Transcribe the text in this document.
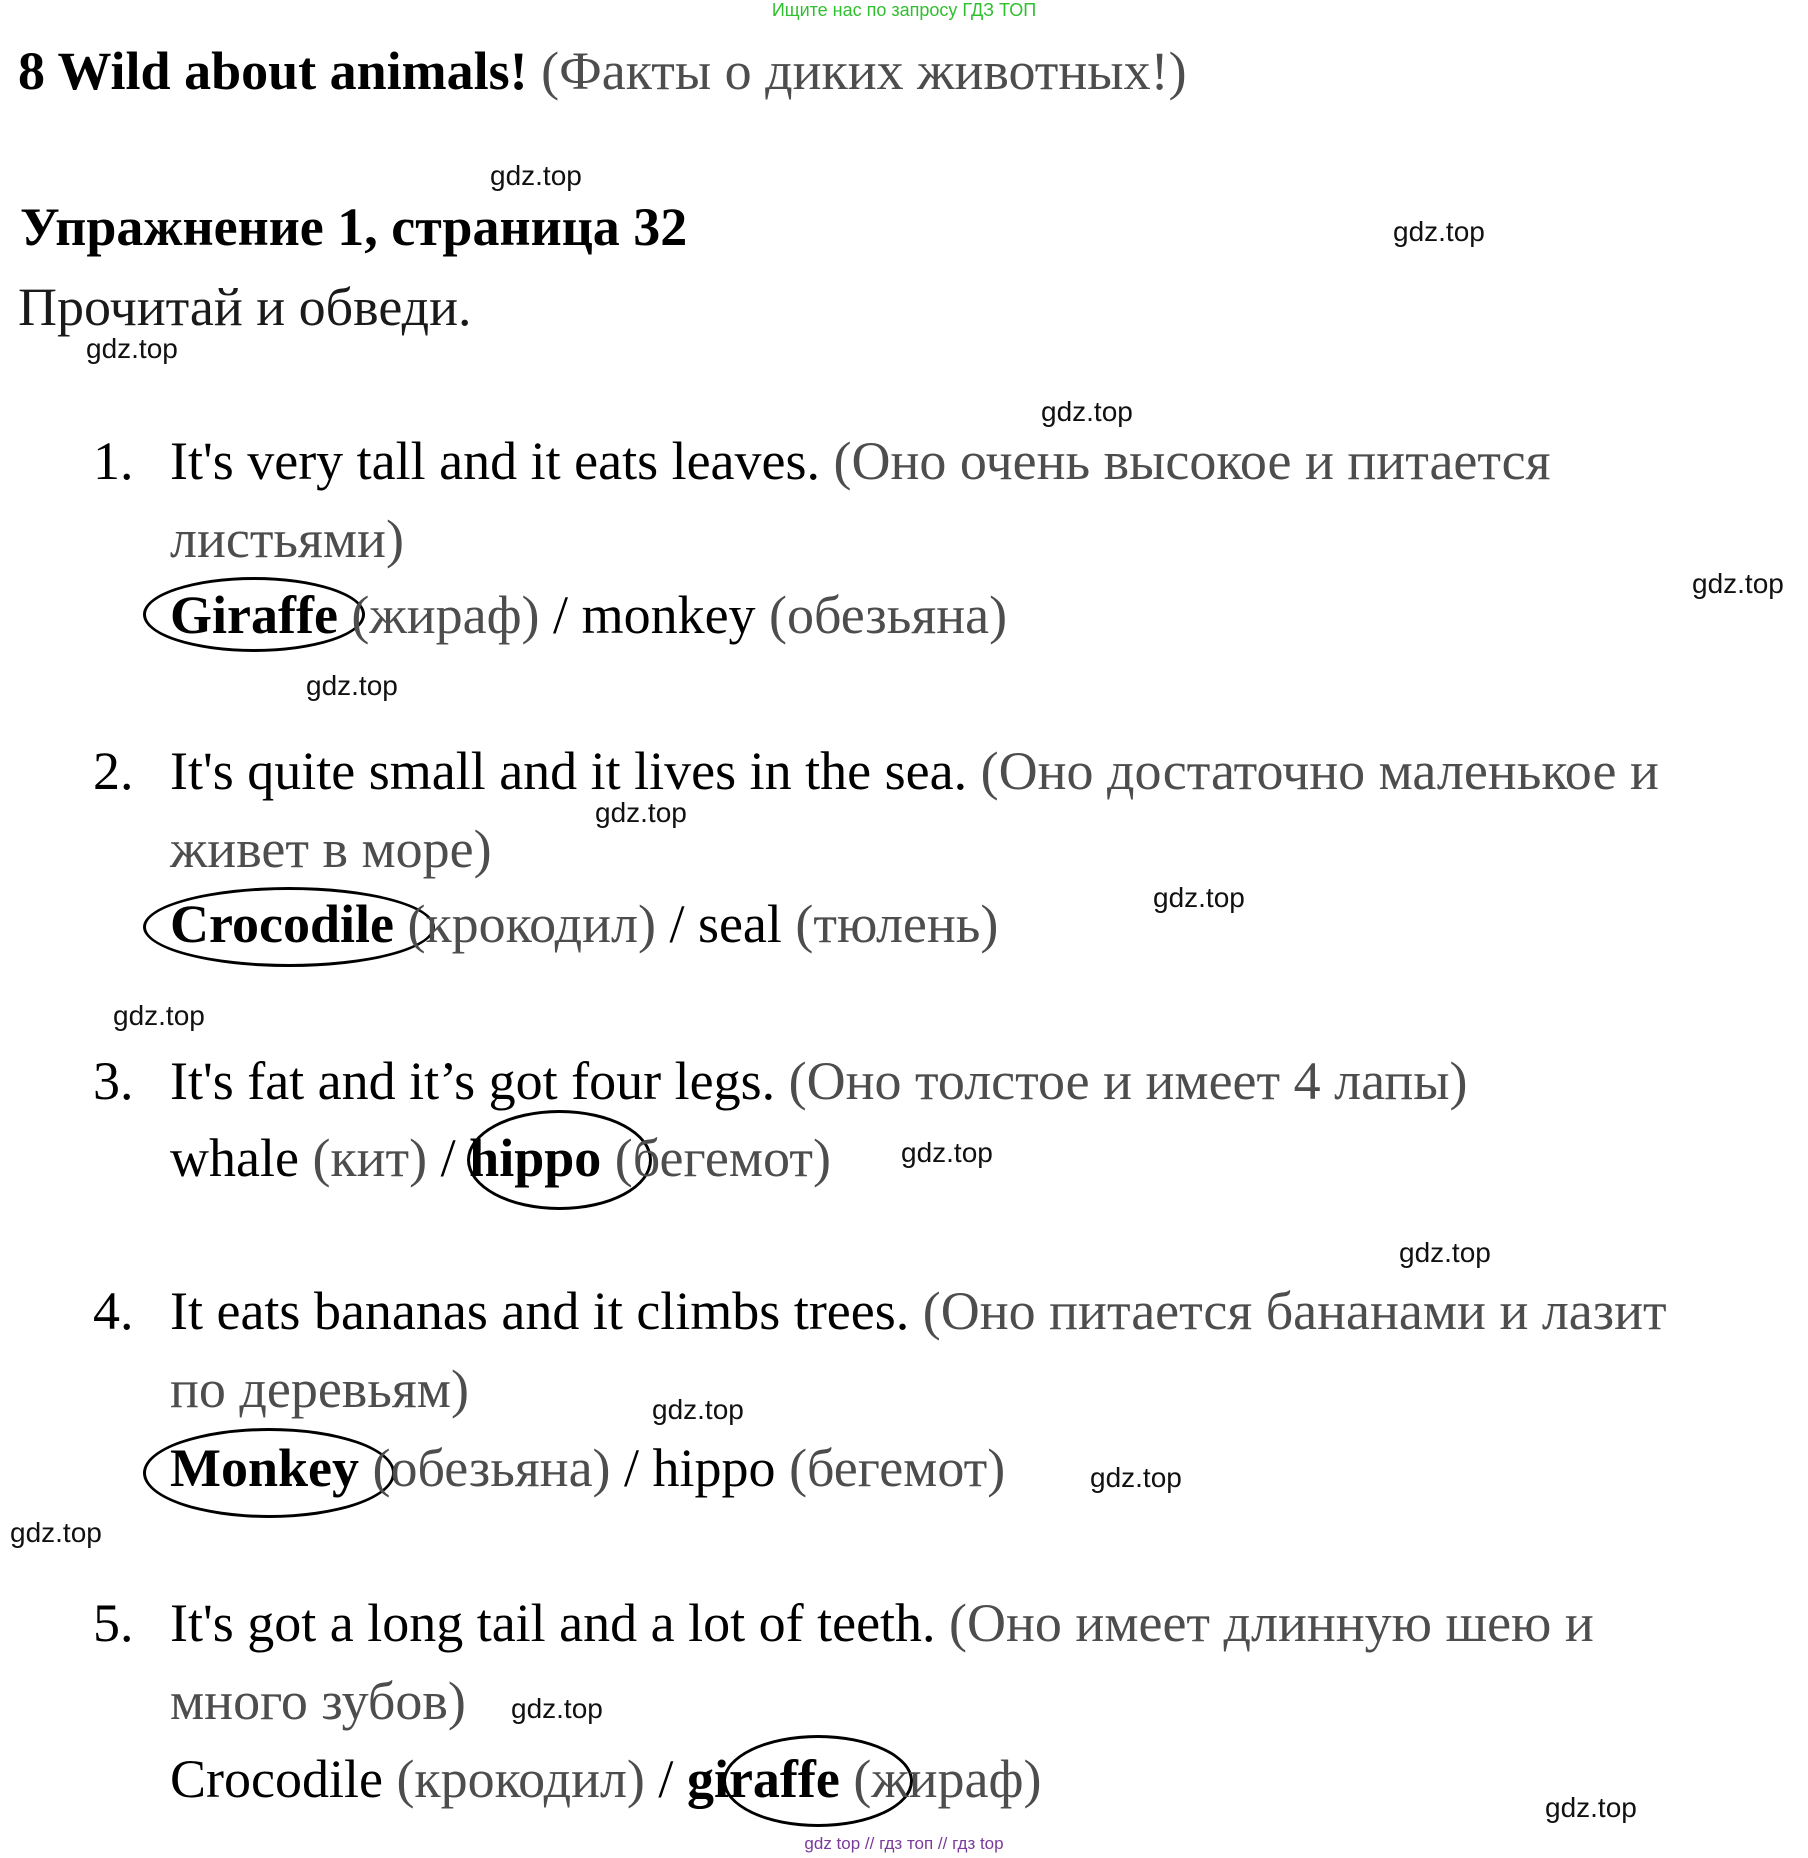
Ищите нас по запросу ГДЗ ТОП
8 Wild about animals! (Факты о диких животных!)
Упражнение 1, страница 32
Прочитай и обведи.
gdz.top
gdz.top
gdz.top
gdz.top
gdz.top
gdz.top
gdz.top
gdz.top
gdz.top
gdz.top
gdz.top
gdz.top
gdz.top
gdz.top
gdz.top
gdz.top
1. It's very tall and it eats leaves. (Оно очень высокое и питается
листьями)
Giraffe (жираф) / monkey (обезьяна)
2. It's quite small and it lives in the sea. (Оно достаточно маленькое и
живет в море)
Crocodile (крокодил) / seal (тюлень)
3. It's fat and it’s got four legs. (Оно толстое и имеет 4 лапы)
whale (кит) / hippo (бегемот)
4. It eats bananas and it climbs trees. (Оно питается бананами и лазит
по деревьям)
Monkey (обезьяна) / hippo (бегемот)
5. It's got a long tail and a lot of teeth. (Оно имеет длинную шею и
много зубов)
Crocodile (крокодил) / giraffe (жираф)
gdz top // гдз топ // гдз top
